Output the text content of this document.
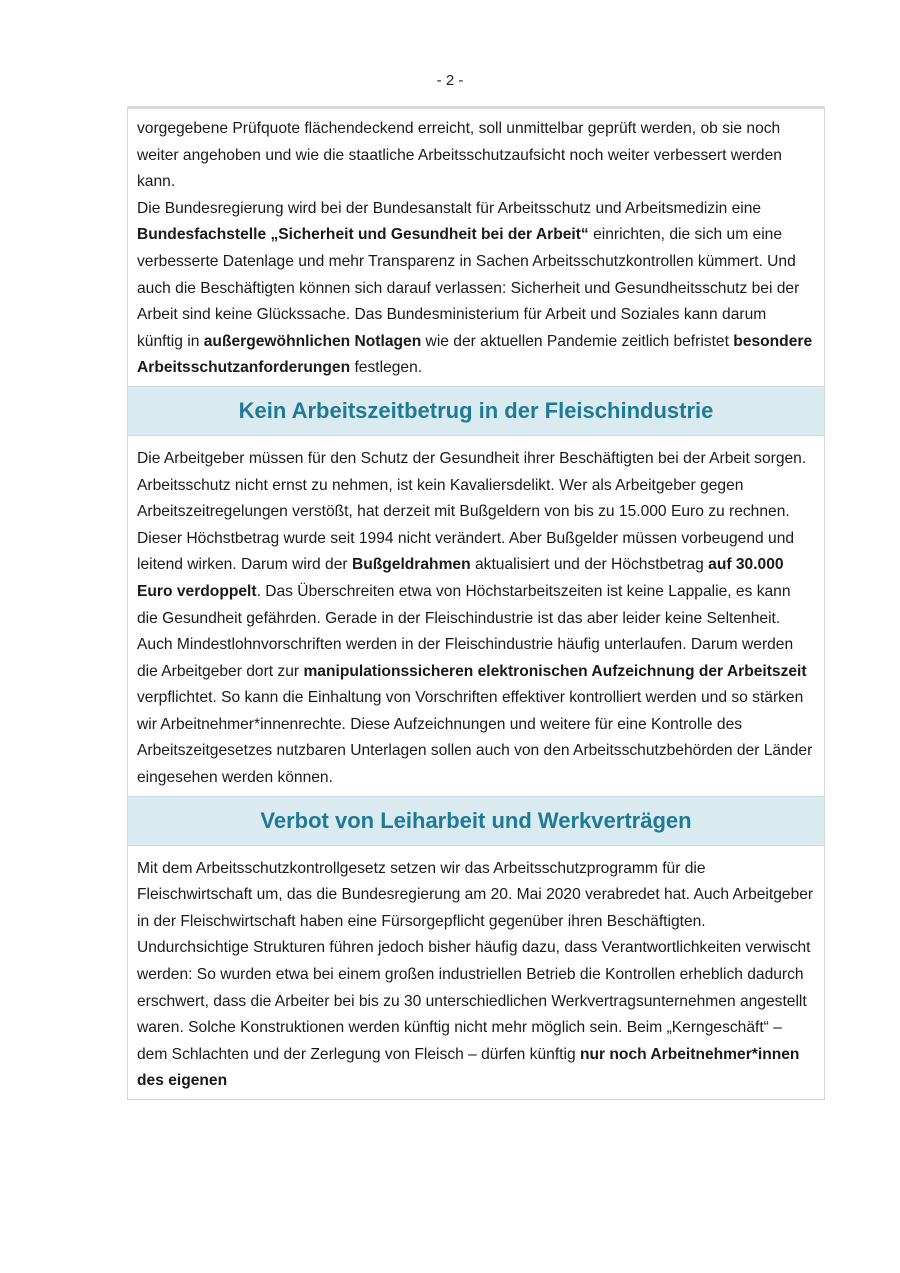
- 2 -

vorgegebene Prüfquote flächendeckend erreicht, soll unmittelbar geprüft werden, ob sie noch weiter angehoben und wie die staatliche Arbeitsschutzaufsicht noch weiter verbessert werden kann.

Die Bundesregierung wird bei der Bundesanstalt für Arbeitsschutz und Arbeitsmedizin eine Bundesfachstelle „Sicherheit und Gesundheit bei der Arbeit“ einrichten, die sich um eine verbesserte Datenlage und mehr Transparenz in Sachen Arbeitsschutzkontrollen kümmert. Und auch die Beschäftigten können sich darauf verlassen: Sicherheit und Gesundheitsschutz bei der Arbeit sind keine Glückssache. Das Bundesministerium für Arbeit und Soziales kann darum künftig in außergewöhnlichen Notlagen wie der aktuellen Pandemie zeitlich befristet besondere Arbeitsschutzanforderungen festlegen.

Kein Arbeitszeitbetrug in der Fleischindustrie

Die Arbeitgeber müssen für den Schutz der Gesundheit ihrer Beschäftigten bei der Arbeit sorgen. Arbeitsschutz nicht ernst zu nehmen, ist kein Kavaliersdelikt. Wer als Arbeitgeber gegen Arbeitszeitregelungen verstößt, hat derzeit mit Bußgeldern von bis zu 15.000 Euro zu rechnen. Dieser Höchstbetrag wurde seit 1994 nicht verändert. Aber Bußgelder müssen vorbeugend und leitend wirken. Darum wird der Bußgeldrahmen aktualisiert und der Höchstbetrag auf 30.000 Euro verdoppelt. Das Überschreiten etwa von Höchstarbeitszeiten ist keine Lappalie, es kann die Gesundheit gefährden. Gerade in der Fleischindustrie ist das aber leider keine Seltenheit. Auch Mindestlohnvorschriften werden in der Fleischindustrie häufig unterlaufen. Darum werden die Arbeitgeber dort zur manipulationssicheren elektronischen Aufzeichnung der Arbeitszeit verpflichtet. So kann die Einhaltung von Vorschriften effektiver kontrolliert werden und so stärken wir Arbeitnehmer*innenrechte. Diese Aufzeichnungen und weitere für eine Kontrolle des Arbeitszeitgesetzes nutzbaren Unterlagen sollen auch von den Arbeitsschutzbehörden der Länder eingesehen werden können.

Verbot von Leiharbeit und Werkverträgen

Mit dem Arbeitsschutzkontrollgesetz setzen wir das Arbeitsschutzprogramm für die Fleischwirtschaft um, das die Bundesregierung am 20. Mai 2020 verabredet hat. Auch Arbeitgeber in der Fleischwirtschaft haben eine Fürsorgepflicht gegenüber ihren Beschäftigten. Undurchsichtige Strukturen führen jedoch bisher häufig dazu, dass Verantwortlichkeiten verwischt werden: So wurden etwa bei einem großen industriellen Betrieb die Kontrollen erheblich dadurch erschwert, dass die Arbeiter bei bis zu 30 unterschiedlichen Werkvertragsunternehmen angestellt waren. Solche Konstruktionen werden künftig nicht mehr möglich sein. Beim „Kerngeschäft“ – dem Schlachten und der Zerlegung von Fleisch – dürfen künftig nur noch Arbeitnehmer*innen des eigenen
